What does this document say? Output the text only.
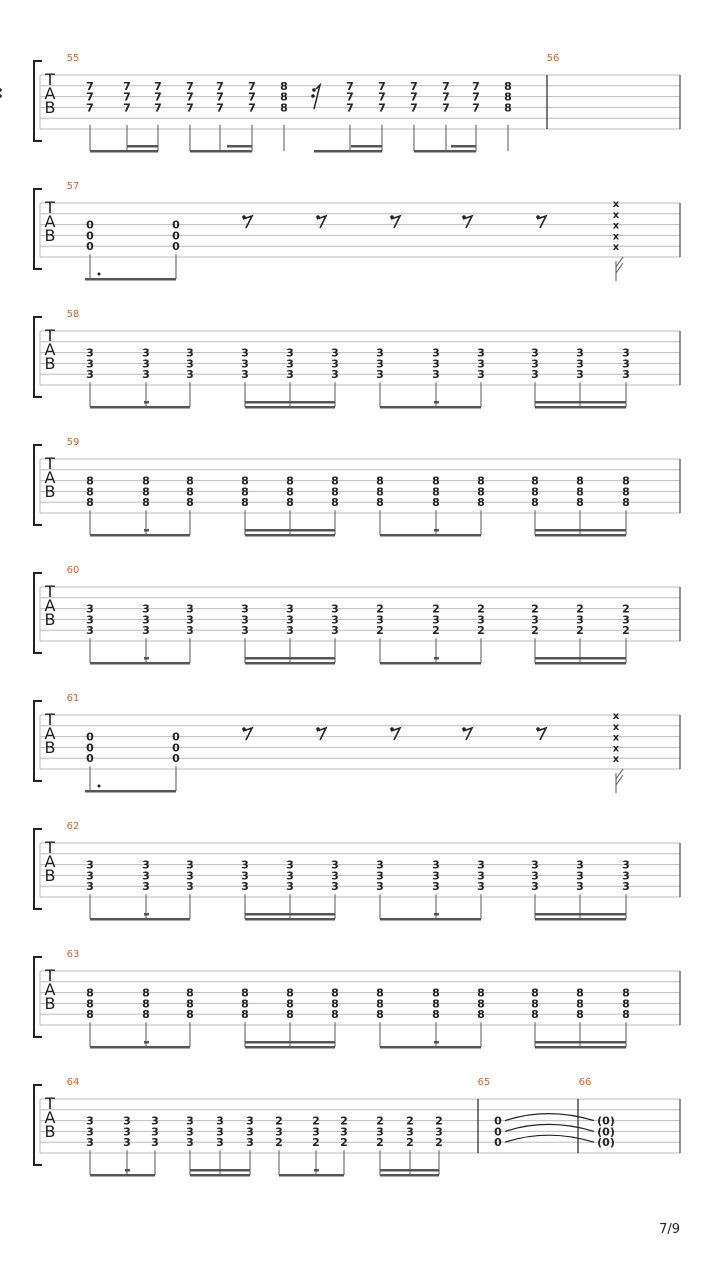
T
A
B
55
7
7
7
7
7
7
7
7
7
7
7
7
7
7
7
7
7
7
8
8
8
7
7
7
7
7
7
7
7
7
7
7
7
7
7
7
8
8
8
56
T
A
B
57
0
0
0
0
0
0
x
x
x
x
x
T
A
B
58
3
3
3
3
3
3
3
3
3
3
3
3
3
3
3
3
3
3
3
3
3
3
3
3
3
3
3
3
3
3
3
3
3
3
3
3
T
A
B
59
8
8
8
8
8
8
8
8
8
8
8
8
8
8
8
8
8
8
8
8
8
8
8
8
8
8
8
8
8
8
8
8
8
8
8
8
T
A
B
60
3
3
3
3
3
3
3
3
3
3
3
3
3
3
3
3
3
3
2
3
2
2
3
2
2
3
2
2
3
2
2
3
2
2
3
2
T
A
B
61
0
0
0
0
0
0
x
x
x
x
x
T
A
B
62
3
3
3
3
3
3
3
3
3
3
3
3
3
3
3
3
3
3
3
3
3
3
3
3
3
3
3
3
3
3
3
3
3
3
3
3
T
A
B
63
8
8
8
8
8
8
8
8
8
8
8
8
8
8
8
8
8
8
8
8
8
8
8
8
8
8
8
8
8
8
8
8
8
8
8
8
T
A
B
64
3
3
3
3
3
3
3
3
3
3
3
3
3
3
3
3
3
3
2
3
2
2
3
2
2
3
2
2
3
2
2
3
2
2
3
2
65	66
0
0
0
(0)
(0)
(0)
7/9
